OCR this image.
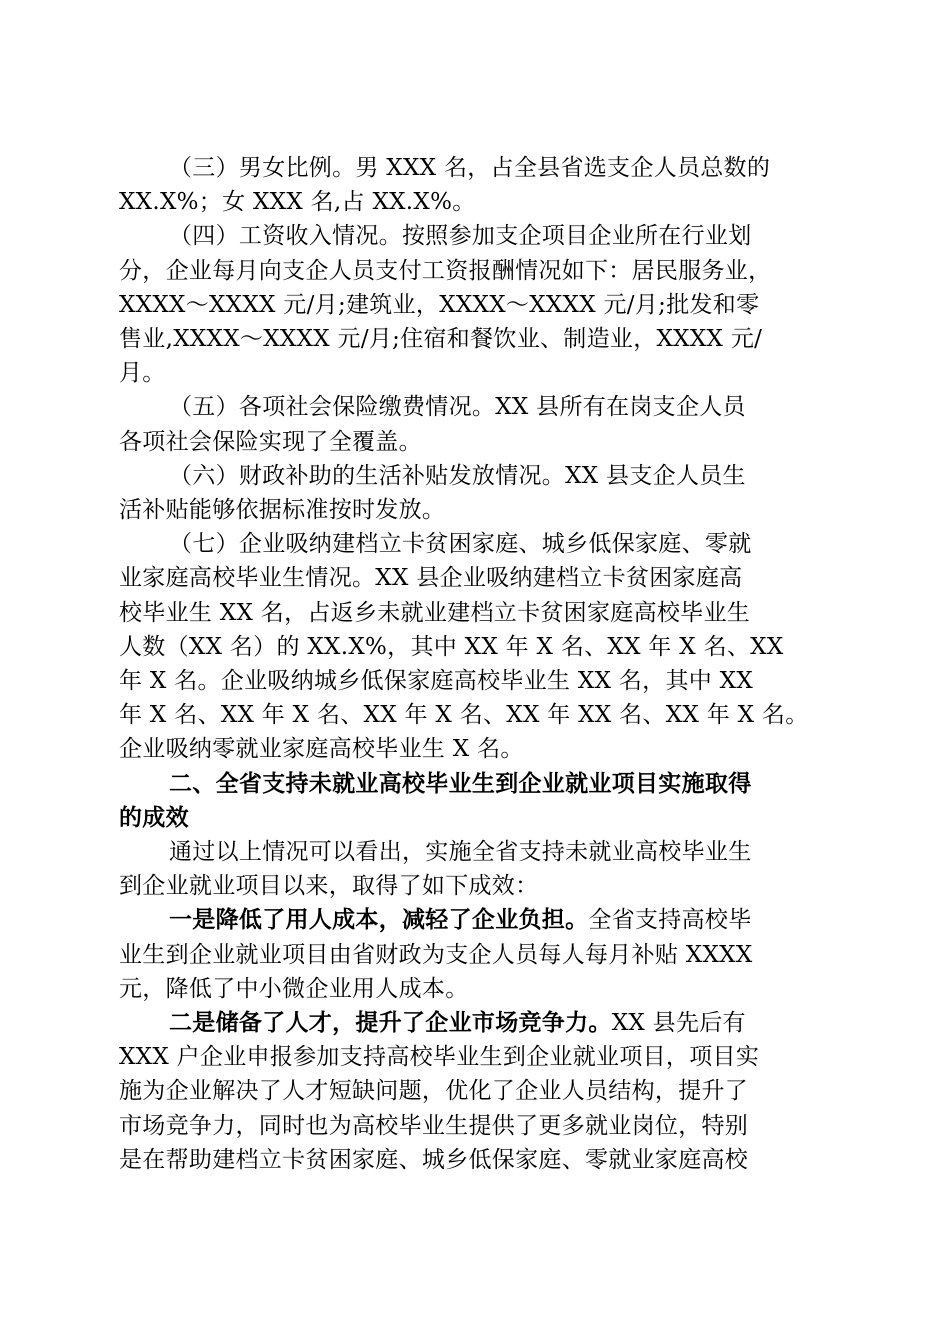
（三）男女比例。男 XXX 名，占全县省选支企人员总数的
XX.X%；女 XXX 名,占 XX.X%。

（四）工资收入情况。按照参加支企项目企业所在行业划
分，企业每月向支企人员支付工资报酬情况如下：居民服务业，
XXXX～XXXX 元/月;建筑业，XXXX～XXXX 元/月;批发和零
售业,XXXX～XXXX 元/月;住宿和餐饮业、制造业，XXXX 元/
月。

（五）各项社会保险缴费情况。XX 县所有在岗支企人员
各项社会保险实现了全覆盖。

（六）财政补助的生活补贴发放情况。XX 县支企人员生
活补贴能够依据标准按时发放。

（七）企业吸纳建档立卡贫困家庭、城乡低保家庭、零就
业家庭高校毕业生情况。XX 县企业吸纳建档立卡贫困家庭高
校毕业生 XX 名，占返乡未就业建档立卡贫困家庭高校毕业生
人数（XX 名）的 XX.X%，其中 XX 年 X 名、XX 年 X 名、XX
年 X 名。企业吸纳城乡低保家庭高校毕业生 XX 名，其中 XX
年 X 名、XX 年 X 名、XX 年 X 名、XX 年 XX 名、XX 年 X 名。
企业吸纳零就业家庭高校毕业生 X 名。

二、全省支持未就业高校毕业生到企业就业项目实施取得
的成效

通过以上情况可以看出，实施全省支持未就业高校毕业生
到企业就业项目以来，取得了如下成效：

一是降低了用人成本，减轻了企业负担。全省支持高校毕
业生到企业就业项目由省财政为支企人员每人每月补贴 XXXX
元，降低了中小微企业用人成本。

二是储备了人才，提升了企业市场竞争力。XX 县先后有
XXX 户企业申报参加支持高校毕业生到企业就业项目，项目实
施为企业解决了人才短缺问题，优化了企业人员结构，提升了
市场竞争力，同时也为高校毕业生提供了更多就业岗位，特别
是在帮助建档立卡贫困家庭、城乡低保家庭、零就业家庭高校
